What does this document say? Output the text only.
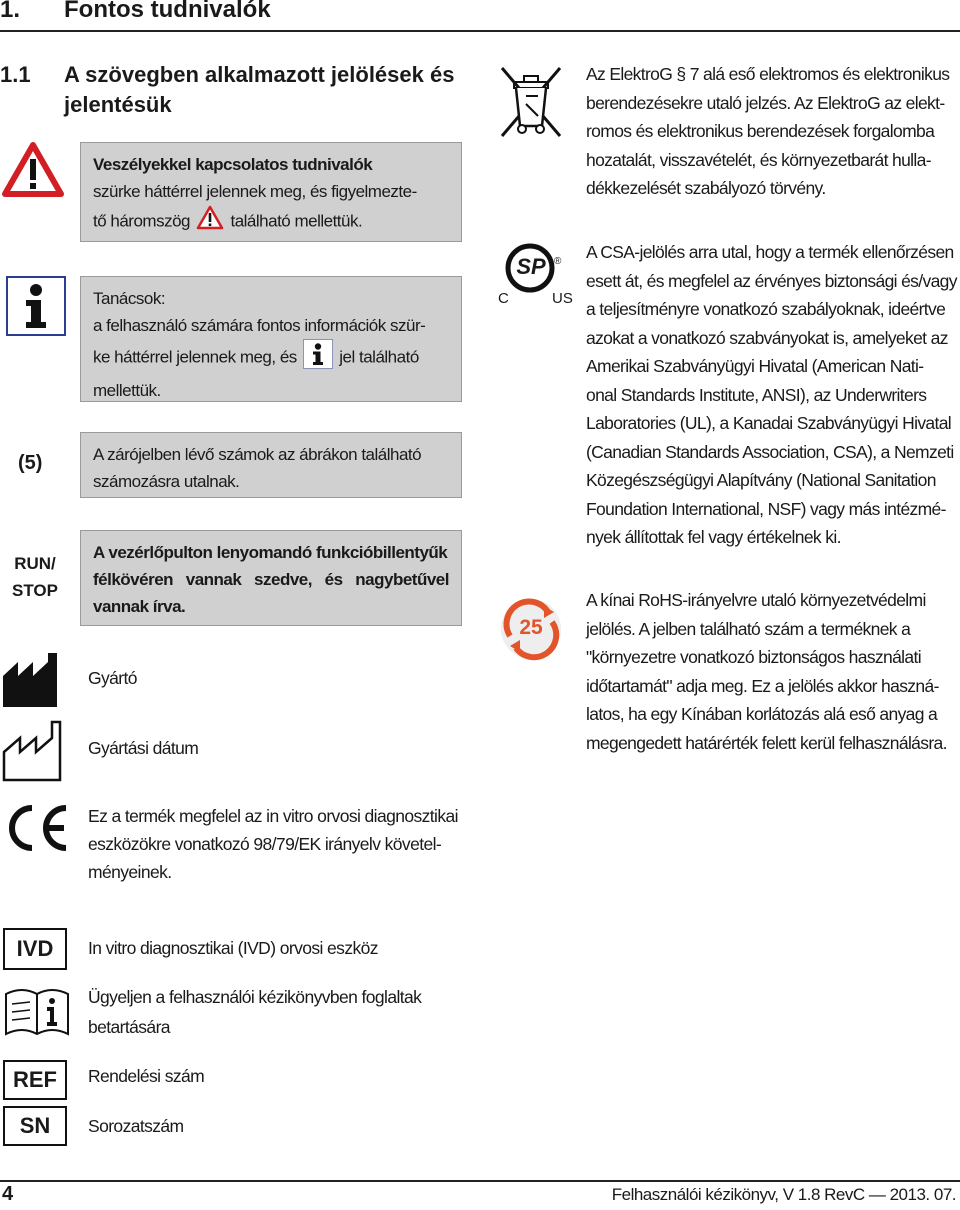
1. Fontos tudnivalók
1.1 A szövegben alkalmazott jelölések és
jelentésük
Veszélyekkel kapcsolatos tudnivalók
szürke háttérrel jelennek meg, és figyelmezte-
tő háromszög található mellettük.
Tanácsok:
a felhasználó számára fontos információk szür-
ke háttérrel jelennek meg, és jel található
mellettük.
(5)	A zárójelben lévő számok az ábrákon található
számozásra utalnak.
RUN/
STOP
A vezérlőpulton lenyomandó funkcióbillentyűk
félkövéren vannak szedve, és nagybetűvel
vannak írva.
Gyártó
Gyártási dátum
Ez a termék megfelel az in vitro orvosi diagnosztikai
eszközökre vonatkozó 98/79/EK irányelv követel-
ményeinek.
IVD	In vitro diagnosztikai (IVD) orvosi eszköz
Ügyeljen a felhasználói kézikönyvben foglaltak
betartására
REF	Rendelési szám
SN	Sorozatszám
Az ElektroG § 7 alá eső elektromos és elektronikus
berendezésekre utaló jelzés. Az ElektroG az elekt-
romos és elektronikus berendezések forgalomba
hozatalát, visszavételét, és környezetbarát hulla-
dékkezelését szabályozó törvény.
SP ®
C	US
A CSA-jelölés arra utal, hogy a termék ellenőrzésen
esett át, és megfelel az érvényes biztonsági és/vagy
a teljesítményre vonatkozó szabályoknak, ideértve
azokat a vonatkozó szabványokat is, amelyeket az
Amerikai Szabványügyi Hivatal (American Nati-
onal Standards Institute, ANSI), az Underwriters
Laboratories (UL), a Kanadai Szabványügyi Hivatal
(Canadian Standards Association, CSA), a Nemzeti
Közegészségügyi Alapítvány (National Sanitation
Foundation International, NSF) vagy más intézmé-
nyek állítottak fel vagy értékelnek ki.
25
A kínai RoHS-irányelvre utaló környezetvédelmi
jelölés. A jelben található szám a terméknek a
"környezetre vonatkozó biztonságos használati
időtartamát" adja meg. Ez a jelölés akkor haszná-
latos, ha egy Kínában korlátozás alá eső anyag a
megengedett határérték felett kerül felhasználásra.
4	Felhasználói kézikönyv, V 1.8 RevC — 2013. 07.
